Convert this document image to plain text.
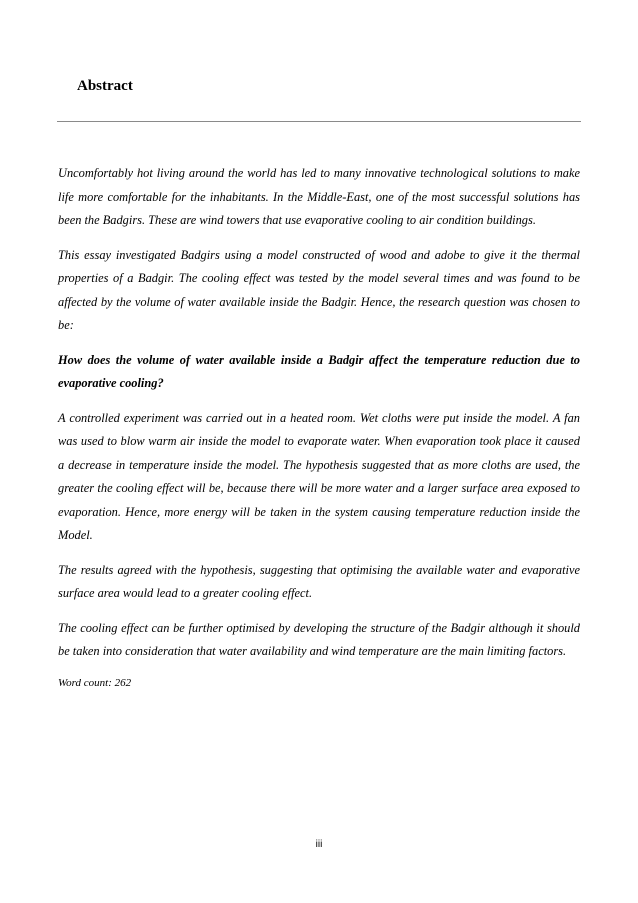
Abstract

Uncomfortably hot living around the world has led to many innovative technological solutions to make life more comfortable for the inhabitants. In the Middle-East, one of the most successful solutions has been the Badgirs. These are wind towers that use evaporative cooling to air condition buildings.

This essay investigated Badgirs using a model constructed of wood and adobe to give it the thermal properties of a Badgir. The cooling effect was tested by the model several times and was found to be affected by the volume of water available inside the Badgir. Hence, the research question was chosen to be:

How does the volume of water available inside a Badgir affect the temperature reduction due to evaporative cooling?

A controlled experiment was carried out in a heated room. Wet cloths were put inside the model. A fan was used to blow warm air inside the model to evaporate water. When evaporation took place it caused a decrease in temperature inside the model. The hypothesis suggested that as more cloths are used, the greater the cooling effect will be, because there will be more water and a larger surface area exposed to evaporation. Hence, more energy will be taken in the system causing temperature reduction inside the Model.

The results agreed with the hypothesis, suggesting that optimising the available water and evaporative surface area would lead to a greater cooling effect.

The cooling effect can be further optimised by developing the structure of the Badgir although it should be taken into consideration that water availability and wind temperature are the main limiting factors.

Word count: 262

iii
